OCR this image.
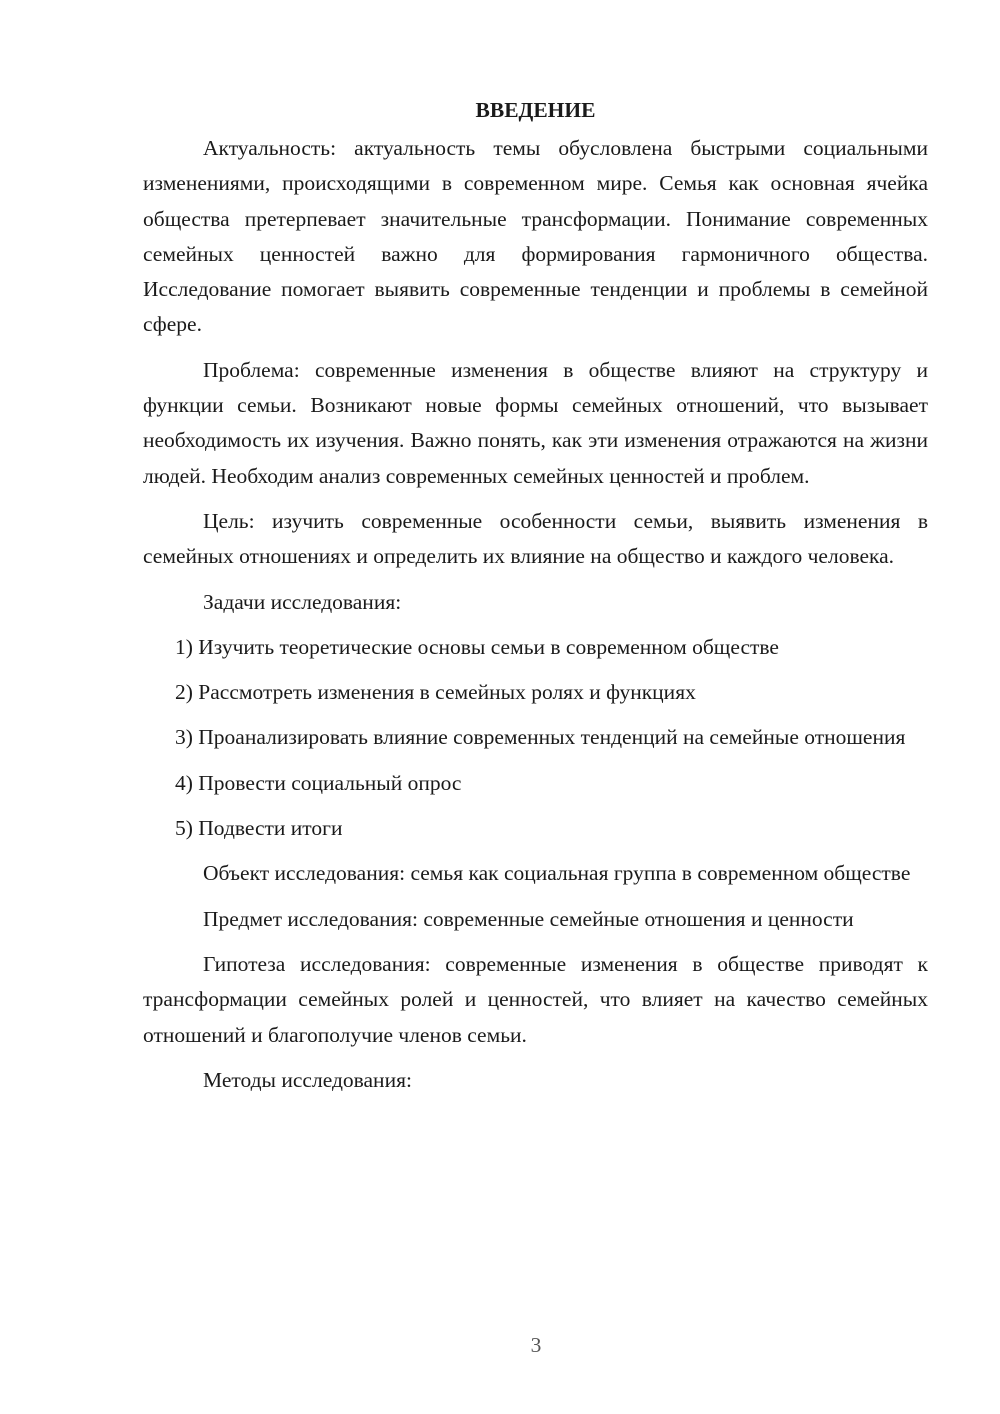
ВВЕДЕНИЕ

Актуальность: актуальность темы обусловлена быстрыми социальными изменениями, происходящими в современном мире. Семья как основная ячейка общества претерпевает значительные трансформации. Понимание современных семейных ценностей важно для формирования гармоничного общества. Исследование помогает выявить современные тенденции и проблемы в семейной сфере.

Проблема: современные изменения в обществе влияют на структуру и функции семьи. Возникают новые формы семейных отношений, что вызывает необходимость их изучения. Важно понять, как эти изменения отражаются на жизни людей. Необходим анализ современных семейных ценностей и проблем.

Цель: изучить современные особенности семьи, выявить изменения в семейных отношениях и определить их влияние на общество и каждого человека.

Задачи исследования:

1) Изучить теоретические основы семьи в современном обществе

2) Рассмотреть изменения в семейных ролях и функциях

3) Проанализировать влияние современных тенденций на семейные отношения

4) Провести социальный опрос

5) Подвести итоги

Объект исследования: семья как социальная группа в современном обществе

Предмет исследования: современные семейные отношения и ценности

Гипотеза исследования: современные изменения в обществе приводят к трансформации семейных ролей и ценностей, что влияет на качество семейных отношений и благополучие членов семьи.

Методы исследования:

3
